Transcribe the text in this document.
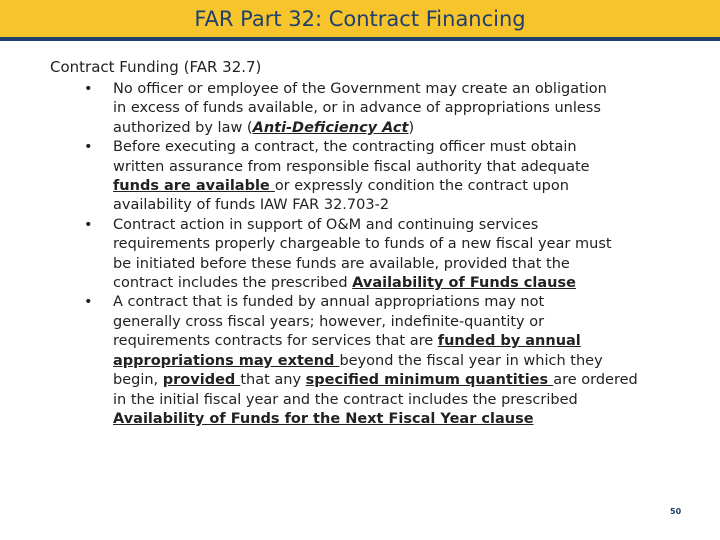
FAR Part 32: Contract Financing
Contract Funding (FAR 32.7)
• No officer or employee of the Government may create an obligation
in excess of funds available, or in advance of appropriations unless
authorized by law (Anti-Deficiency Act)
• Before executing a contract, the contracting officer must obtain
written assurance from responsible fiscal authority that adequate
funds are available or expressly condition the contract upon
availability of funds IAW FAR 32.703-2
• Contract action in support of O&M and continuing services
requirements properly chargeable to funds of a new fiscal year must
be initiated before these funds are available, provided that the
contract includes the prescribed Availability of Funds clause
• A contract that is funded by annual appropriations may not
generally cross fiscal years; however, indefinite-quantity or
requirements contracts for services that are funded by annual
appropriations may extend beyond the fiscal year in which they
begin, provided that any specified minimum quantities are ordered
in the initial fiscal year and the contract includes the prescribed
Availability of Funds for the Next Fiscal Year clause
50
